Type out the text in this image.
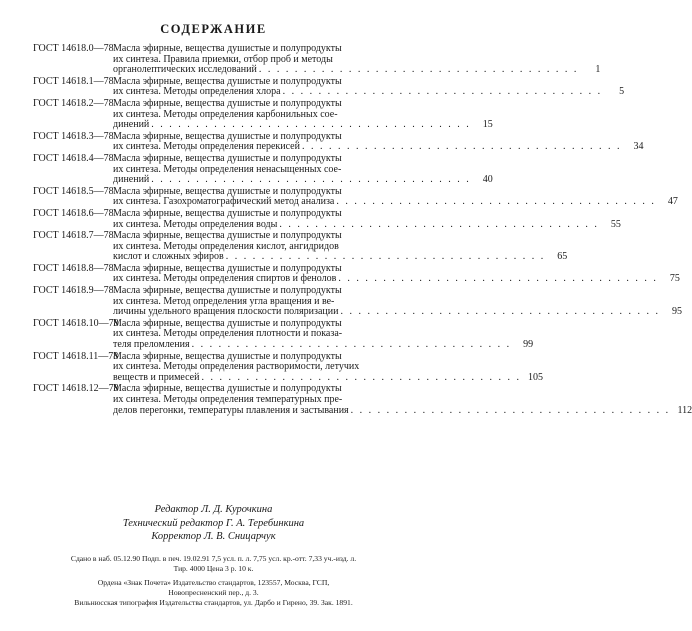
СОДЕРЖАНИЕ
ГОСТ 14618.0—78 Масла эфирные, вещества душистые и полупродукты
их синтеза. Правила приемки, отбор проб и методы
органолептических исследований . . . . . . . . . . . . . . . . . . . . . . . . . . . . . . . . . . . .	1
ГОСТ 14618.1—78 Масла эфирные, вещества душистые и полупродукты
их синтеза. Методы определения хлора . . . . . . . . . . . . . . . . . . . . . . . . . . . . . . . . . . . .	5
ГОСТ 14618.2—78 Масла эфирные, вещества душистые и полупродукты
их синтеза. Методы определения карбонильных сое-
динений . . . . . . . . . . . . . . . . . . . . . . . . . . . . . . . . . . . .	15
ГОСТ 14618.3—78 Масла эфирные, вещества душистые и полупродукты
их синтеза. Методы определения перекисей . . . . . . . . . . . . . . . . . . . . . . . . . . . . . . . . . . . .	34
ГОСТ 14618.4—78 Масла эфирные, вещества душистые и полупродукты
их синтеза. Методы определения ненасыщенных сое-
динений . . . . . . . . . . . . . . . . . . . . . . . . . . . . . . . . . . . .	40
ГОСТ 14618.5—78 Масла эфирные, вещества душистые и полупродукты
их синтеза. Газохроматографический метод анализа . . . . . . . . . . . . . . . . . . . . . . . . . . . . . . . . . . . .	47
ГОСТ 14618.6—78 Масла эфирные, вещества душистые и полупродукты
их синтеза. Методы определения воды . . . . . . . . . . . . . . . . . . . . . . . . . . . . . . . . . . . .	55
ГОСТ 14618.7—78 Масла эфирные, вещества душистые и полупродукты
их синтеза. Методы определения кислот, ангидридов
кислот и сложных эфиров . . . . . . . . . . . . . . . . . . . . . . . . . . . . . . . . . . . .	65
ГОСТ 14618.8—78 Масла эфирные, вещества душистые и полупродукты
их синтеза. Методы определения спиртов и фенолов . . . . . . . . . . . . . . . . . . . . . . . . . . . . . . . . . . . .	75
ГОСТ 14618.9—78 Масла эфирные, вещества душистые и полупродукты
их синтеза. Метод определения угла вращения и ве-
личины удельного вращения плоскости поляризации . . . . . . . . . . . . . . . . . . . . . . . . . . . . . . . . . . . .	95
ГОСТ 14618.10—78
Масла эфирные, вещества душистые и полупродукты
их синтеза. Методы определения плотности и показа-
теля преломления . . . . . . . . . . . . . . . . . . . . . . . . . . . . . . . . . . . .	99
ГОСТ 14618.11—78
Масла эфирные, вещества душистые и полупродукты
их синтеза. Методы определения растворимости, летучих
веществ и примесей . . . . . . . . . . . . . . . . . . . . . . . . . . . . . . . . . . . . 105
ГОСТ 14618.12—78
Масла эфирные, вещества душистые и полупродукты
их синтеза. Методы определения температурных пре-
делов перегонки, температуры плавления и застывания . . . . . . . . . . . . . . . . . . . . . . . . . . . . . . . . . . . . 112
Редактор Л. Д. Курочкина
Технический редактор Г. А. Теребинкина
Корректор Л. В. Сницарчук
Сдано в наб. 05.12.90 Подп. в печ. 19.02.91 7,5 усл. п. л. 7,75 усл. кр.-отт. 7,33 уч.-изд. л.
Тир. 4000 Цена 3 р. 10 к.
Ордена «Знак Почета» Издательство стандартов, 123557, Москва, ГСП,
Новопресненский пер., д. 3.
Вильнюсская типография Издательства стандартов, ул. Дарбо и Гирено, 39. Зак. 1891.
